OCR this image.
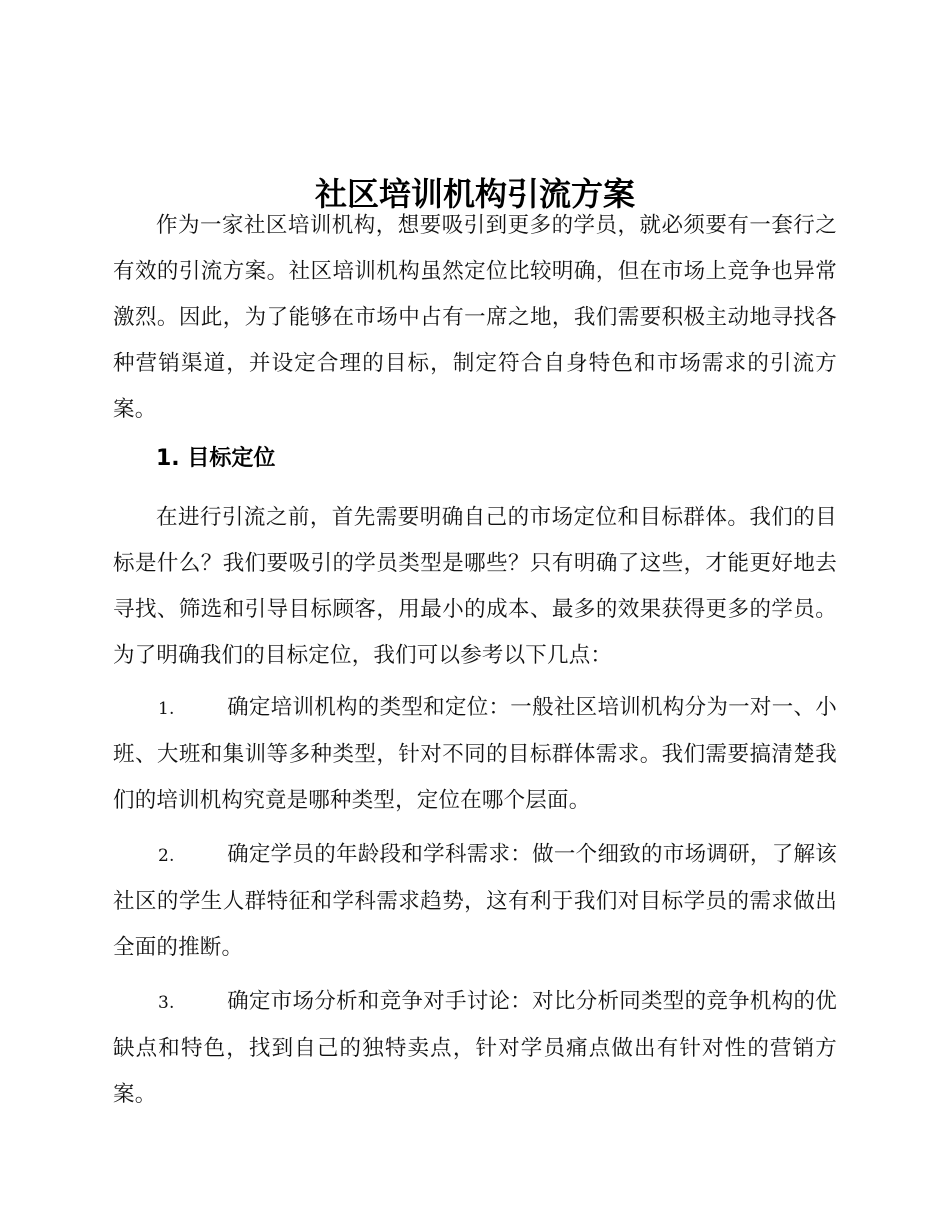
社区培训机构引流方案

作为一家社区培训机构，想要吸引到更多的学员，就必须要有一套行之有效的引流方案。社区培训机构虽然定位比较明确，但在市场上竞争也异常激烈。因此，为了能够在市场中占有一席之地，我们需要积极主动地寻找各种营销渠道，并设定合理的目标，制定符合自身特色和市场需求的引流方案。

1. 目标定位

在进行引流之前，首先需要明确自己的市场定位和目标群体。我们的目标是什么？我们要吸引的学员类型是哪些？只有明确了这些，才能更好地去寻找、筛选和引导目标顾客，用最小的成本、最多的效果获得更多的学员。为了明确我们的目标定位，我们可以参考以下几点：

1. 确定培训机构的类型和定位：一般社区培训机构分为一对一、小班、大班和集训等多种类型，针对不同的目标群体需求。我们需要搞清楚我们的培训机构究竟是哪种类型，定位在哪个层面。

2. 确定学员的年龄段和学科需求：做一个细致的市场调研，了解该社区的学生人群特征和学科需求趋势，这有利于我们对目标学员的需求做出全面的推断。

3. 确定市场分析和竞争对手讨论：对比分析同类型的竞争机构的优缺点和特色，找到自己的独特卖点，针对学员痛点做出有针对性的营销方案。
